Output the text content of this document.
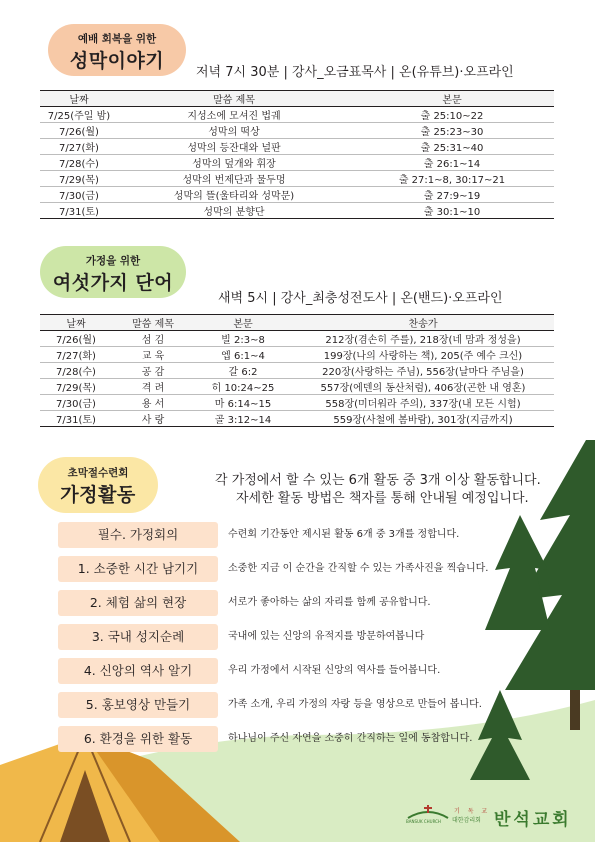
예배 회복을 위한
성막이야기
저녁 7시 30분 | 강사_오금표목사 | 온(유튜브)·오프라인
날짜	말씀 제목	본문
7/25(주일 밤)	지성소에 모셔진 법궤	출 25:10~22
7/26(월)	성막의 떡상	출 25:23~30
7/27(화)	성막의 등잔대와 널판	출 25:31~40
7/28(수)	성막의 덮개와 휘장	출 26:1~14
7/29(목)	성막의 번제단과 물두멍	출 27:1~8, 30:17~21
7/30(금)	성막의 뜰(울타리와 성막문)	출 27:9~19
7/31(토)	성막의 분향단	출 30:1~10
가정을 위한
여섯가지 단어
새벽 5시 | 강사_최충성전도사 | 온(밴드)·오프라인
날짜	말씀 제목	본문	찬송가
7/26(월)	섬 김	빌 2:3~8	212장(겸손히 주를), 218장(네 맘과 정성을)
7/27(화)	교 육	엡 6:1~4	199장(나의 사랑하는 책), 205(주 예수 크신)
7/28(수)	공 감	갈 6:2	220장(사랑하는 주님), 556장(날마다 주님을)
7/29(목)	격 려	히 10:24~25	557장(에덴의 동산처럼), 406장(곤한 내 영혼)
7/30(금)	용 서	마 6:14~15	558장(미더워라 주의), 337장(내 모든 시험)
7/31(토)	사 랑	골 3:12~14	559장(사철에 봄바람), 301장(지금까지)
초막절수련회
가정활동

각 가정에서 할 수 있는 6개 활동 중 3개 이상 활동합니다.

자세한 활동 방법은 책자를 통해 안내될 예정입니다.

필수. 가정회의	수련회 기간동안 제시된 활동 6개 중 3개를 정합니다.
1. 소중한 시간 남기기	소중한 지금 이 순간을 간직할 수 있는 가족사진을 찍습니다.
2. 체험 삶의 현장	서로가 좋아하는 삶의 자리를 함께 공유합니다.
3. 국내 성지순례	국내에 있는 신앙의 유적지를 방문하여봅니다
4. 신앙의 역사 알기	우리 가정에서 시작된 신앙의 역사를 들어봅니다.
5. 홍보영상 만들기	가족 소개, 우리 가정의 자랑 등을 영상으로 만들어 봅니다.
6. 환경을 위한 활동	하나님이 주신 자연을 소중히 간직하는 일에 동참합니다.
BANSUK CHURCH
기 독 교
대한감리회 반석교회
